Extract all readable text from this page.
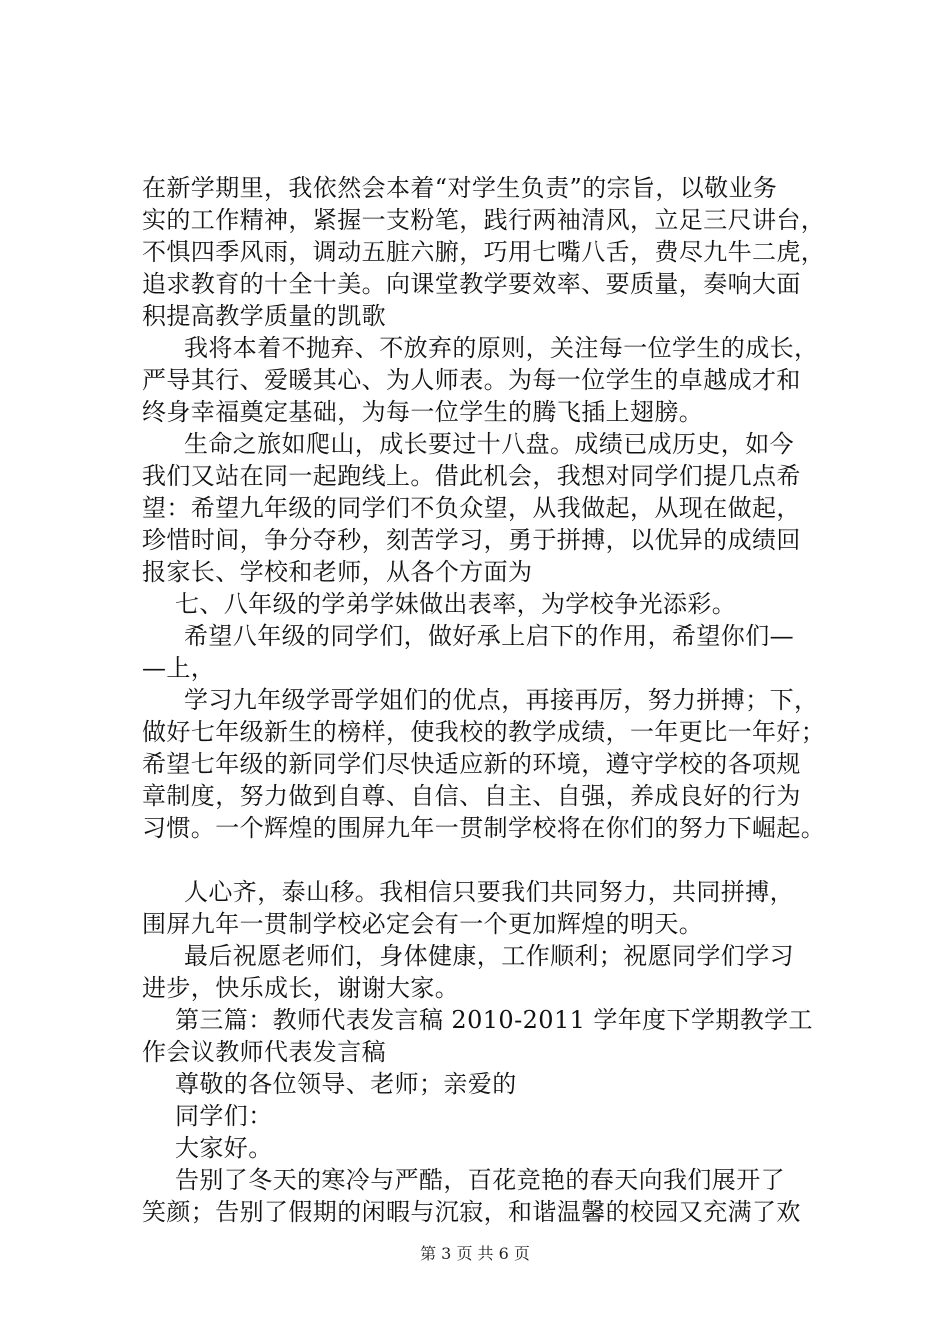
在新学期里，我依然会本着“对学生负责”的宗旨，以敬业务
实的工作精神，紧握一支粉笔，践行两袖清风，立足三尺讲台，
不惧四季风雨，调动五脏六腑，巧用七嘴八舌，费尽九牛二虎，
追求教育的十全十美。向课堂教学要效率、要质量，奏响大面
积提高教学质量的凯歌
我将本着不抛弃、不放弃的原则，关注每一位学生的成长，
严导其行、爱暖其心、为人师表。为每一位学生的卓越成才和
终身幸福奠定基础，为每一位学生的腾飞插上翅膀。
生命之旅如爬山，成长要过十八盘。成绩已成历史，如今
我们又站在同一起跑线上。借此机会，我想对同学们提几点希
望：希望九年级的同学们不负众望，从我做起，从现在做起，
珍惜时间，争分夺秒，刻苦学习，勇于拼搏，以优异的成绩回
报家长、学校和老师，从各个方面为
七、八年级的学弟学妹做出表率，为学校争光添彩。
希望八年级的同学们，做好承上启下的作用，希望你们—
—上，
学习九年级学哥学姐们的优点，再接再厉，努力拼搏；下，
做好七年级新生的榜样，使我校的教学成绩，一年更比一年好；
希望七年级的新同学们尽快适应新的环境，遵守学校的各项规
章制度，努力做到自尊、自信、自主、自强，养成良好的行为
习惯。一个辉煌的围屏九年一贯制学校将在你们的努力下崛起。
人心齐，泰山移。我相信只要我们共同努力，共同拼搏，
围屏九年一贯制学校必定会有一个更加辉煌的明天。
最后祝愿老师们，身体健康，工作顺利；祝愿同学们学习
进步，快乐成长，谢谢大家。
第三篇：教师代表发言稿 2010-2011 学年度下学期教学工
作会议教师代表发言稿
尊敬的各位领导、老师；亲爱的
同学们：
大家好。
告别了冬天的寒冷与严酷，百花竞艳的春天向我们展开了
笑颜；告别了假期的闲暇与沉寂，和谐温馨的校园又充满了欢
第 3 页 共 6 页
